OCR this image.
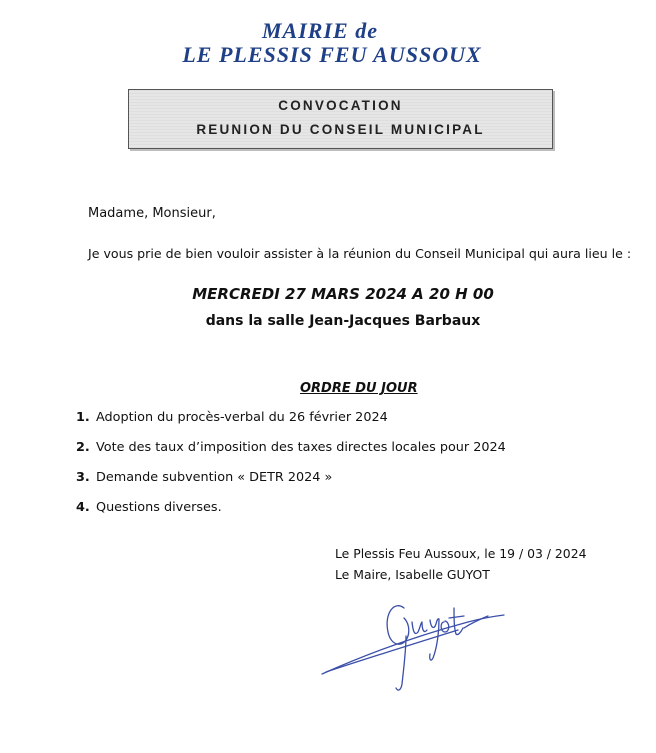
MAIRIE de
LE PLESSIS FEU AUSSOUX
CONVOCATION
REUNION DU CONSEIL MUNICIPAL
Madame, Monsieur,
Je vous prie de bien vouloir assister à la réunion du Conseil Municipal qui aura lieu le :
MERCREDI 27 MARS 2024 A 20 H 00
dans la salle Jean-Jacques Barbaux
ORDRE DU JOUR
1. Adoption du procès-verbal du 26 février 2024
2. Vote des taux d’imposition des taxes directes locales pour 2024
3. Demande subvention « DETR 2024 »
4. Questions diverses.
Le Plessis Feu Aussoux, le 19 / 03 / 2024
Le Maire, Isabelle GUYOT
